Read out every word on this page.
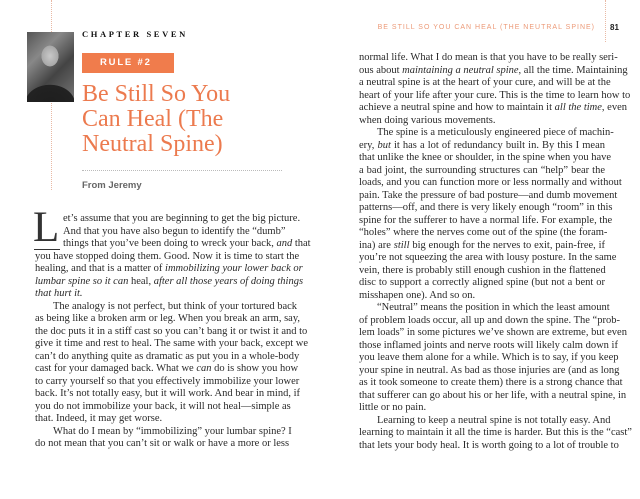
CHAPTER SEVEN
RULE #2
Be Still So You
Can Heal (The
Neutral Spine)
From Jeremy
BE STILL SO YOU CAN HEAL (THE NEUTRAL SPINE) 81
L et’s assume that you are beginning to get the big picture.
And that you have also begun to identify the “dumb”
things that you’ve been doing to wreck your back, and that
you have stopped doing them. Good. Now it is time to start the
healing, and that is a matter of immobilizing your lower back or
lumbar spine so it can heal, after all those years of doing things
that hurt it.
The analogy is not perfect, but think of your tortured back
as being like a broken arm or leg. When you break an arm, say,
the doc puts it in a stiff cast so you can’t bang it or twist it and to
give it time and rest to heal. The same with your back, except we
can’t do anything quite as dramatic as put you in a whole-body
cast for your damaged back. What we can do is show you how
to carry yourself so that you effectively immobilize your lower
back. It’s not totally easy, but it will work. And bear in mind, if
you do not immobilize your back, it will not heal—simple as
that. Indeed, it may get worse.
What do I mean by “immobilizing” your lumbar spine? I
do not mean that you can’t sit or walk or have a more or less
normal life. What I do mean is that you have to be really seri-
ous about maintaining a neutral spine, all the time. Maintaining
a neutral spine is at the heart of your cure, and will be at the
heart of your life after your cure. This is the time to learn how to
achieve a neutral spine and how to maintain it all the time, even
when doing various movements.
The spine is a meticulously engineered piece of machin-
ery, but it has a lot of redundancy built in. By this I mean
that unlike the knee or shoulder, in the spine when you have
a bad joint, the surrounding structures can “help” bear the
loads, and you can function more or less normally and without
pain. Take the pressure of bad posture—and dumb movement
patterns—off, and there is very likely enough “room” in this
spine for the sufferer to have a normal life. For example, the
“holes” where the nerves come out of the spine (the foram-
ina) are still big enough for the nerves to exit, pain-free, if
you’re not squeezing the area with lousy posture. In the same
vein, there is probably still enough cushion in the flattened
disc to support a correctly aligned spine (but not a bent or
misshapen one). And so on.
“Neutral” means the position in which the least amount
of problem loads occur, all up and down the spine. The “prob-
lem loads” in some pictures we’ve shown are extreme, but even
those inflamed joints and nerve roots will likely calm down if
you leave them alone for a while. Which is to say, if you keep
your spine in neutral. As bad as those injuries are (and as long
as it took someone to create them) there is a strong chance that
that sufferer can go about his or her life, with a neutral spine, in
little or no pain.
Learning to keep a neutral spine is not totally easy. And
learning to maintain it all the time is harder. But this is the “cast”
that lets your body heal. It is worth going to a lot of trouble to
